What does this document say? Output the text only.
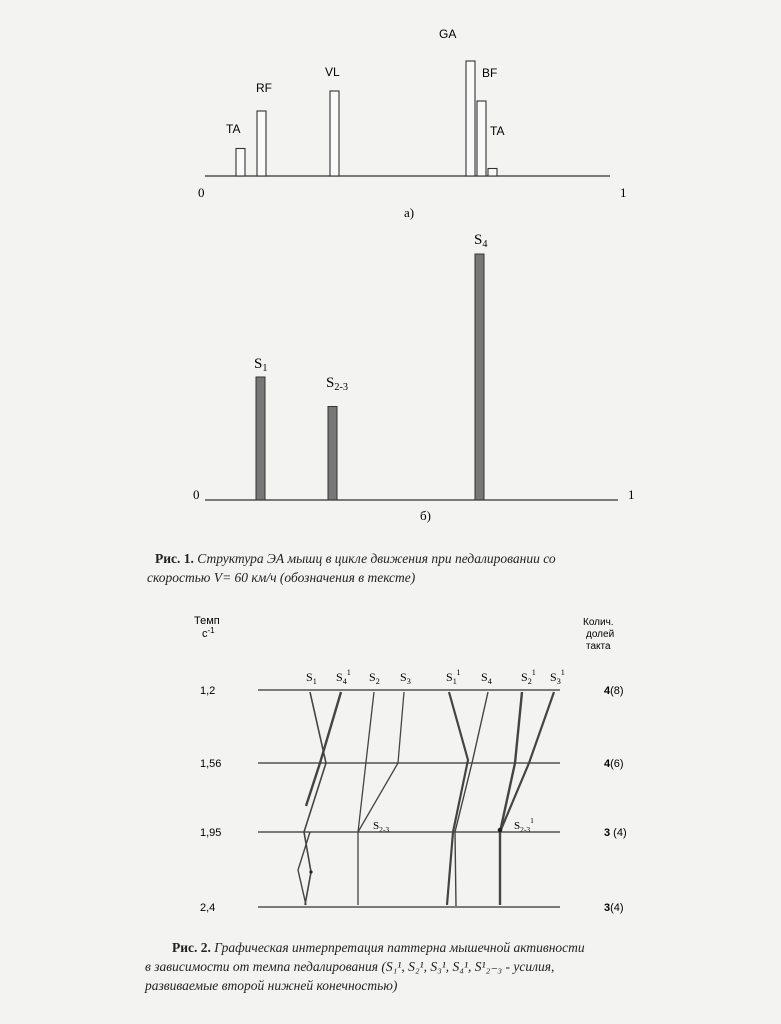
0	1
а)
TA
RF
VL
GA
BF
TA
0	1
б)
$S_1$
$S_{2-3}$
$S_4$
Темп
$с^{-1}$
Колич.
долей
такта
1,2	4(8)
1,56	4(6)
1,95	3 (4)
2,4	3(4)
$S_1$ $S_4^1$ $S_2$ $S_3$	$S_1^1$ $S_4$ $S_2^1$ $S_3^1$
$S_{2-3}$	$S_{2-3}^1$
Рис. 1. Структура ЭА мышц в цикле движения при педалировании со
скоростью V= 60 км/ч (обозначения в тексте)
Рис. 2. Графическая интерпретация паттерна мышечной активности
в зависимости от темпа педалирования (S₁¹, S₂¹, S₃¹, S₄¹, S¹₂₋₃ - усилия,
развиваемые второй нижней конечностью)
